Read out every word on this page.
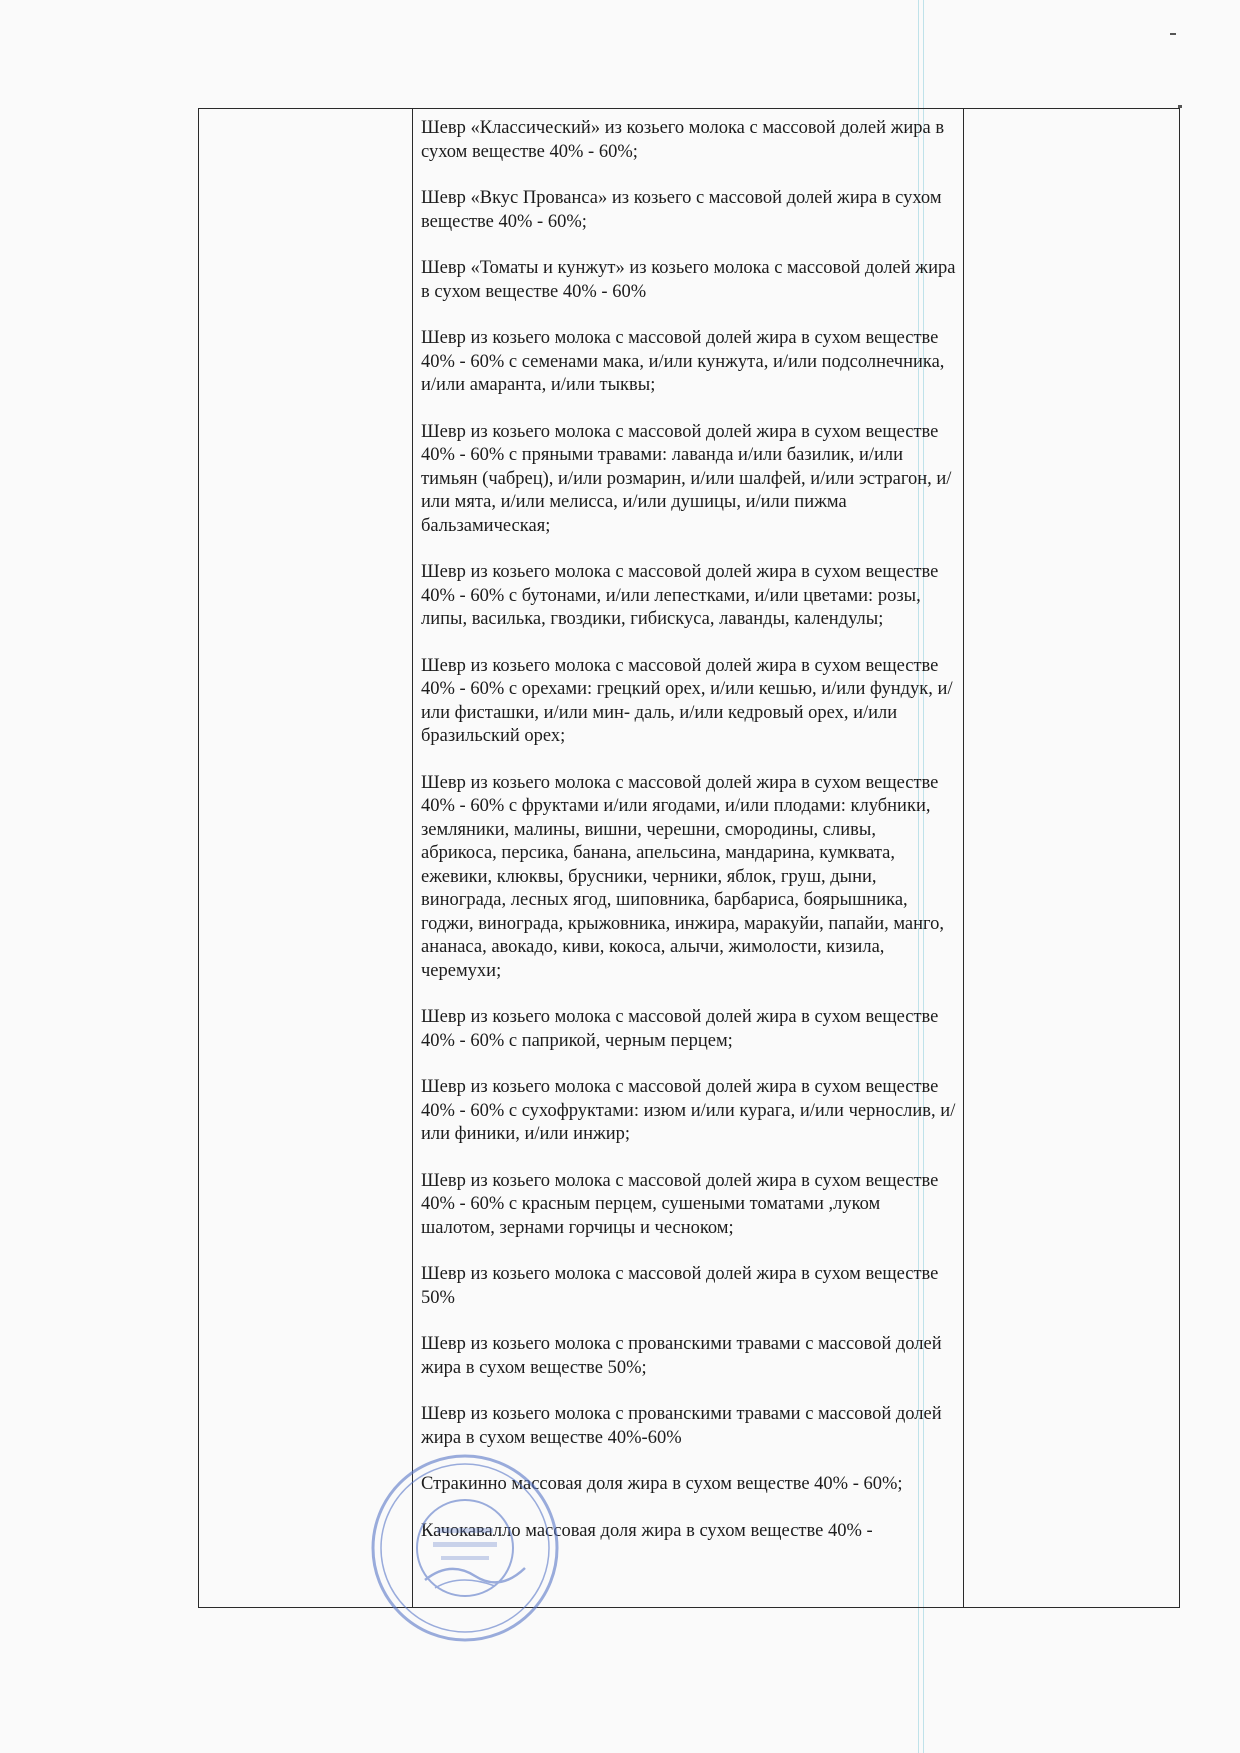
Шевр «Классический» из козьего молока с массовой долей жира в сухом веществе 40% - 60%;

Шевр «Вкус Прованса» из козьего с массовой долей жира в сухом веществе 40% - 60%;

Шевр «Томаты и кунжут» из козьего молока с массовой долей жира в сухом веществе 40% - 60%

Шевр из козьего молока с массовой долей жира в сухом веществе 40% - 60% с семенами мака, и/или кунжута, и/или подсолнечника, и/или амаранта, и/или тыквы;

Шевр из козьего молока с массовой долей жира в сухом веществе 40% - 60% с пряными травами: лаванда и/или базилик, и/или тимьян (чабрец), и/или розмарин, и/или шалфей, и/или эстрагон, и/или мята, и/или мелисса, и/или душицы, и/или пижма бальзамическая;

Шевр из козьего молока с массовой долей жира в сухом веществе 40% - 60% с бутонами, и/или лепестками, и/или цветами: розы, липы, василька, гвоздики, гибискуса, лаванды, календулы;

Шевр из козьего молока с массовой долей жира в сухом веществе 40% - 60% с орехами: грецкий орех, и/или кешью, и/или фундук, и/или фисташки, и/или мин- даль, и/или кедровый орех, и/или бразильский орех;

Шевр из козьего молока с массовой долей жира в сухом веществе 40% - 60% с фруктами и/или ягодами, и/или плодами: клубники, земляники, малины, вишни, черешни, смородины, сливы, абрикоса, персика, банана, апельсина, мандарина, кумквата, ежевики, клюквы, брусники, черники, яблок, груш, дыни, винограда, лесных ягод, шиповника, барбариса, боярышника, годжи, винограда, крыжовника, инжира, маракуйи, папайи, манго, ананаса, авокадо, киви, кокоса, алычи, жимолости, кизила, черемухи;

Шевр из козьего молока с массовой долей жира в сухом веществе 40% - 60% с паприкой, черным перцем;

Шевр из козьего молока с массовой долей жира в сухом веществе 40% - 60% с сухофруктами: изюм и/или курага, и/или чернослив, и/или финики, и/или инжир;

Шевр из козьего молока с массовой долей жира в сухом веществе 40% - 60% с красным перцем, сушеными томатами ,луком шалотом, зернами горчицы и чесноком;

Шевр из козьего молока с массовой долей жира в сухом веществе 50%

Шевр из козьего молока с прованскими травами с массовой долей жира в сухом веществе 50%;

Шевр из козьего молока с прованскими травами с массовой долей жира в сухом веществе 40%-60%

Стракинно массовая доля жира в сухом веществе 40% - 60%;

Качокавалло массовая доля жира в сухом веществе 40% -
